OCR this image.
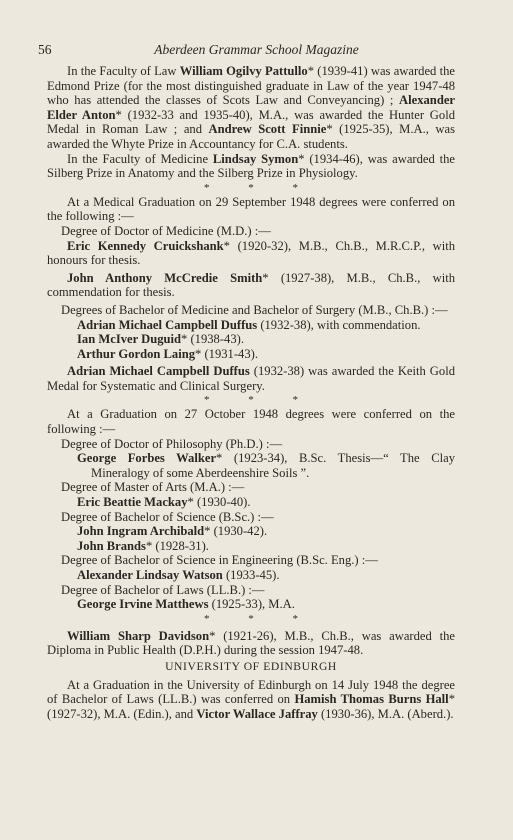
56	Aberdeen Grammar School Magazine

In the Faculty of Law William Ogilvy Pattullo* (1939-41) was awarded the Edmond Prize (for the most distinguished graduate in Law of the year 1947-48 who has attended the classes of Scots Law and Conveyancing) ; Alexander Elder Anton* (1932-33 and 1935-40), M.A., was awarded the Hunter Gold Medal in Roman Law ; and Andrew Scott Finnie* (1925-35), M.A., was awarded the Whyte Prize in Accountancy for C.A. students.

In the Faculty of Medicine Lindsay Symon* (1934-46), was awarded the Silberg Prize in Anatomy and the Silberg Prize in Physiology.

* * *

At a Medical Graduation on 29 September 1948 degrees were conferred on the following :—

Degree of Doctor of Medicine (M.D.) :—

Eric Kennedy Cruickshank* (1920-32), M.B., Ch.B., M.R.C.P., with honours for thesis.

John Anthony McCredie Smith* (1927-38), M.B., Ch.B., with commendation for thesis.

Degrees of Bachelor of Medicine and Bachelor of Surgery (M.B., Ch.B.) :—

Adrian Michael Campbell Duffus (1932-38), with commendation.

Ian McIver Duguid* (1938-43).

Arthur Gordon Laing* (1931-43).

Adrian Michael Campbell Duffus (1932-38) was awarded the Keith Gold Medal for Systematic and Clinical Surgery.

* * *

At a Graduation on 27 October 1948 degrees were conferred on the following :—

Degree of Doctor of Philosophy (Ph.D.) :—

George Forbes Walker* (1923-34), B.Sc. Thesis—“ The Clay Mineralogy of some Aberdeenshire Soils ”.

Degree of Master of Arts (M.A.) :—

Eric Beattie Mackay* (1930-40).

Degree of Bachelor of Science (B.Sc.) :—

John Ingram Archibald* (1930-42).

John Brands* (1928-31).

Degree of Bachelor of Science in Engineering (B.Sc. Eng.) :—

Alexander Lindsay Watson (1933-45).

Degree of Bachelor of Laws (LL.B.) :—

George Irvine Matthews (1925-33), M.A.

* * *

William Sharp Davidson* (1921-26), M.B., Ch.B., was awarded the Diploma in Public Health (D.P.H.) during the session 1947-48.

UNIVERSITY OF EDINBURGH

At a Graduation in the University of Edinburgh on 14 July 1948 the degree of Bachelor of Laws (LL.B.) was conferred on Hamish Thomas Burns Hall* (1927-32), M.A. (Edin.), and Victor Wallace Jaffray (1930-36), M.A. (Aberd.).
